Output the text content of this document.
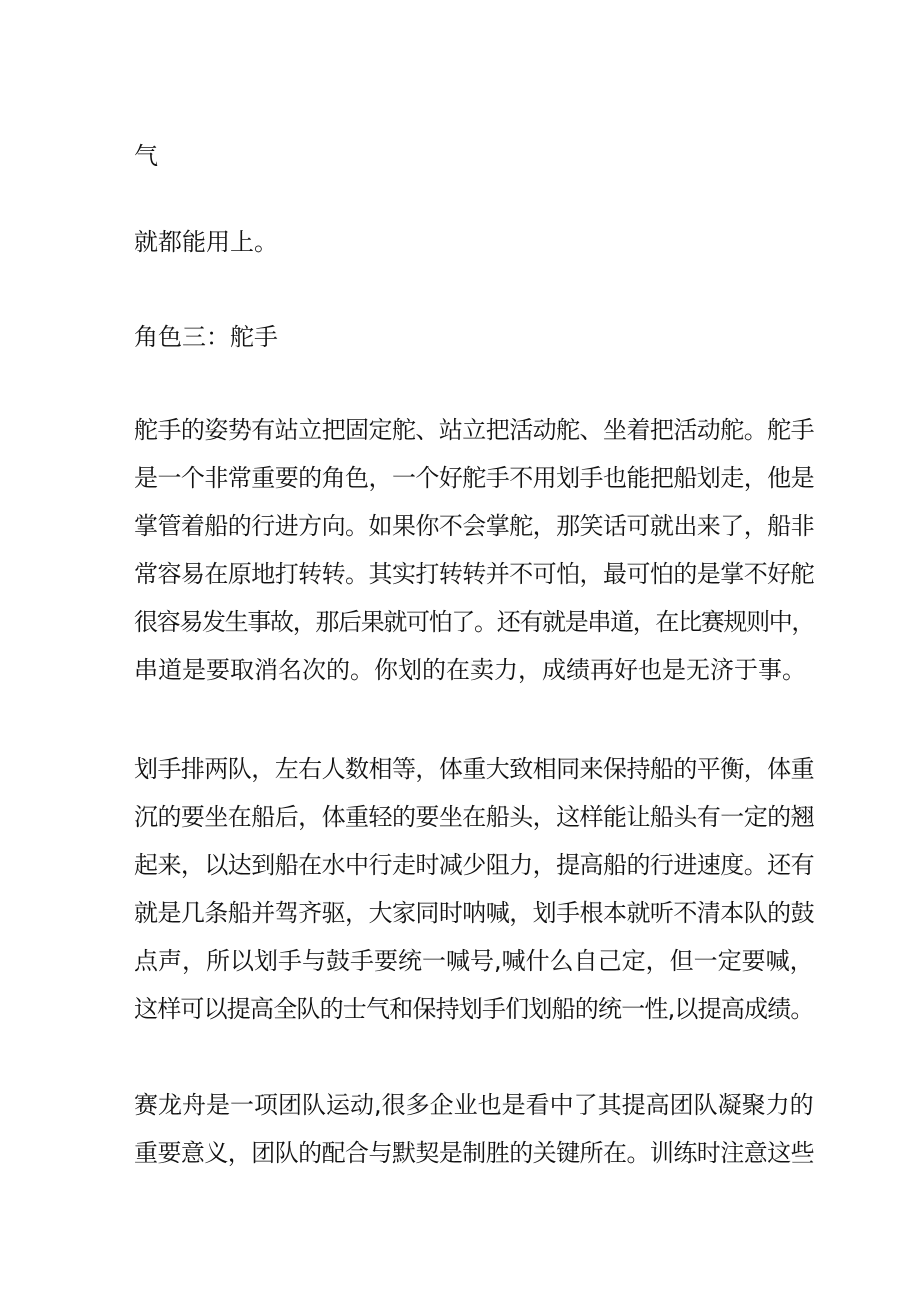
气
就都能用上。
角色三：舵手
舵手的姿势有站立把固定舵、站立把活动舵、坐着把活动舵。舵手
是一个非常重要的角色，一个好舵手不用划手也能把船划走，他是
掌管着船的行进方向。如果你不会掌舵，那笑话可就出来了，船非
常容易在原地打转转。其实打转转并不可怕，最可怕的是掌不好舵
很容易发生事故，那后果就可怕了。还有就是串道，在比赛规则中，
串道是要取消名次的。你划的在卖力，成绩再好也是无济于事。
划手排两队，左右人数相等，体重大致相同来保持船的平衡，体重
沉的要坐在船后，体重轻的要坐在船头，这样能让船头有一定的翘
起来，以达到船在水中行走时减少阻力，提高船的行进速度。还有
就是几条船并驾齐驱，大家同时呐喊，划手根本就听不清本队的鼓
点声，所以划手与鼓手要统一喊号,喊什么自己定，但一定要喊，
这样可以提高全队的士气和保持划手们划船的统一性,以提高成绩。
赛龙舟是一项团队运动,很多企业也是看中了其提高团队凝聚力的
重要意义，团队的配合与默契是制胜的关键所在。训练时注意这些
